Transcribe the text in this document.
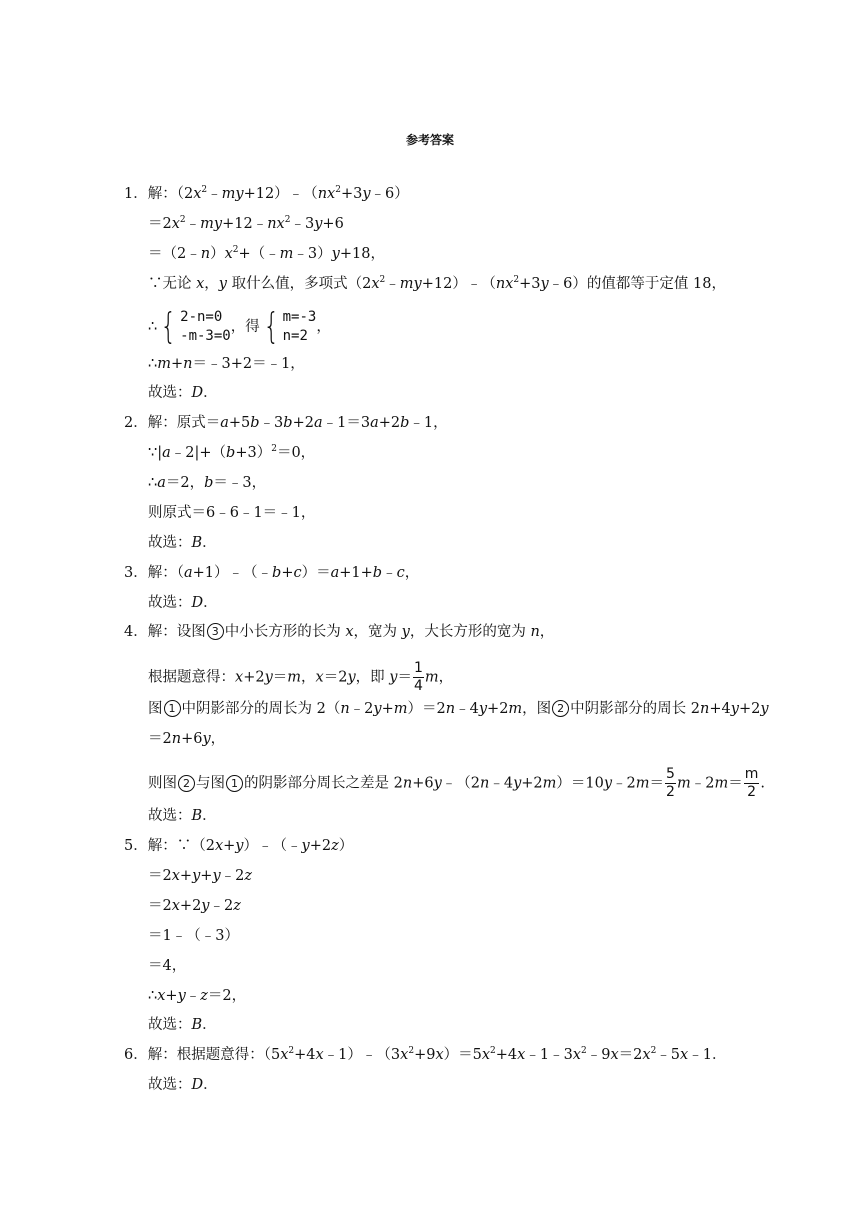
参考答案
1．解：$(2x^2﹣my+12)﹣(nx^2+3y﹣6)$
$=2x^2﹣my+12﹣nx^2﹣3y+6$
$=(2﹣n)x^2+(﹣m﹣3)y+18$，
∵无论 x，y 取什么值，多项式$(2x^2﹣my+12)﹣(nx^2+3y﹣6)$的值都等于定值 18，
∴ { 2-n=0
-m-3=0
，得 { m=-3
n=2
，
∴m+n＝﹣3+2＝﹣1，
故选：D．
2．解：原式＝a+5b﹣3b+2a﹣1＝3a+2b﹣1，
$\because|a﹣2|+(b+3)^2=0$，
∴a＝2，b＝﹣3，
则原式＝6﹣6﹣1＝﹣1，
故选：B．
3．解：（a+1）﹣（﹣b+c）＝a+1+b﹣c，
故选：D．
4．解：设图 3 中小长方形的长为 x，宽为 y，大长方形的宽为 n，
根据题意得：x+2y＝m，x＝2y，即 $y= \frac{1}{4}$ m，
图 1 中阴影部分的周长为 2（n﹣2y+m）＝2n﹣4y+2m，图 2 中阴影部分的周长 2n+4y+2y
＝2n+6y，
则图 2 与图 1 的阴影部分周长之差是 2n+6y﹣（2n﹣4y+2m）＝10y﹣2m＝ $\frac{5}{2}$ m﹣2m＝ $\frac{m}{2}$ .
故选：B．
5．解：∵（2x+y）﹣（﹣y+2z）
＝2x+y+y﹣2z
＝2x+2y﹣2z
＝1﹣（﹣3）
＝4，
∴x+y﹣z＝2，
故选：B．
6．解：根据题意得：$(5x^2+4x﹣1)﹣(3x^2+9x)=5x^2+4x﹣1﹣3x^2﹣9x=2x^2﹣5x﹣1$．
故选：D．
